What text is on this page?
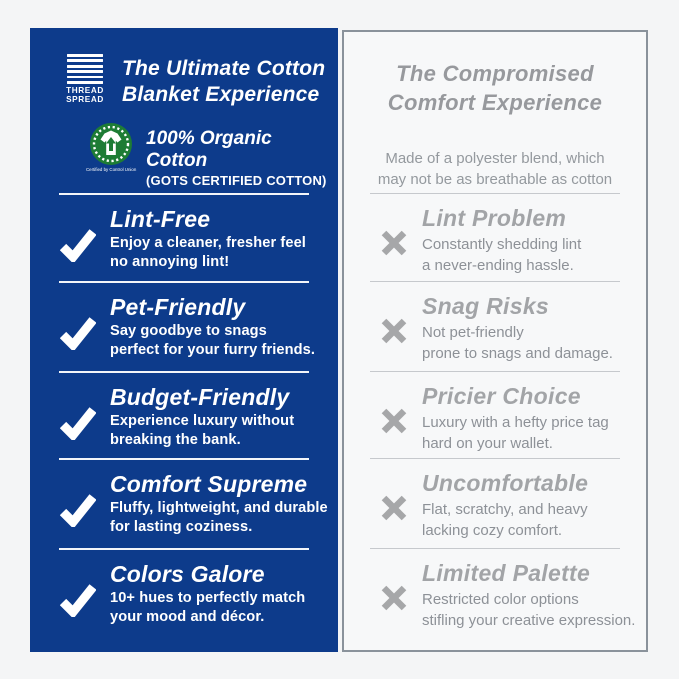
THREAD
SPREAD
The Ultimate Cotton
Blanket Experience
Certified by Control Union
100% Organic Cotton
(GOTS CERTIFIED COTTON)
Lint-Free
Enjoy a cleaner, fresher feel
no annoying lint!
Pet-Friendly
Say goodbye to snags
perfect for your furry friends.
Budget-Friendly
Experience luxury without
breaking the bank.
Comfort Supreme
Fluffy, lightweight, and durable
for lasting coziness.
Colors Galore
10+ hues to perfectly match
your mood and décor.
The Compromised
Comfort Experience
Made of a polyester blend, which
may not be as breathable as cotton
Lint Problem
Constantly shedding lint
a never-ending hassle.
Snag Risks
Not pet-friendly
prone to snags and damage.
Pricier Choice
Luxury with a hefty price tag
hard on your wallet.
Uncomfortable
Flat, scratchy, and heavy
lacking cozy comfort.
Limited Palette
Restricted color options
stifling your creative expression.
